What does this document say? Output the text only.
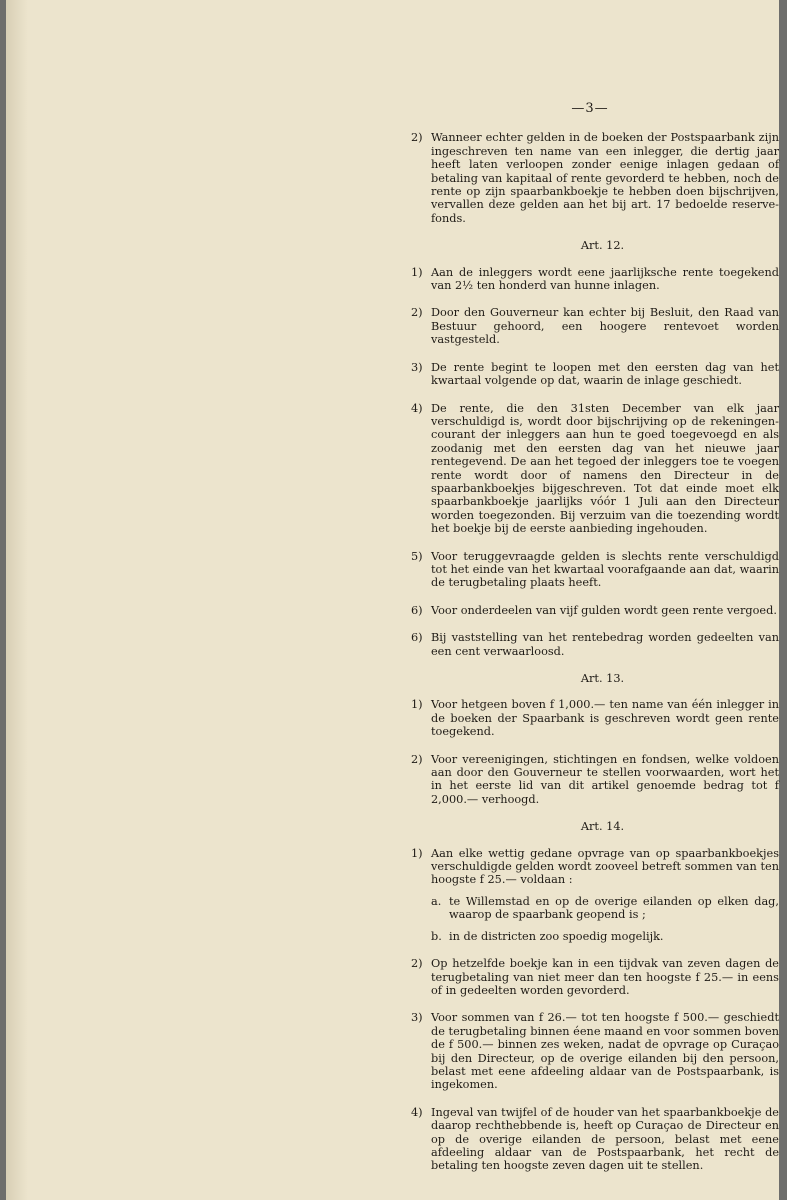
—3—
2) Wanneer echter gelden in de boeken der Postspaarbank zijn ingeschreven ten name van een inlegger, die dertig jaar heeft laten verloopen zonder eenige inlagen gedaan of betaling van kapitaal of rente gevorderd te hebben, noch de rente op zijn spaarbankboekje te hebben doen bijschrijven, vervallen deze gelden aan het bij art. 17 bedoelde reserve-fonds.
Art. 12.
1) Aan de inleggers wordt eene jaarlijksche rente toegekend van 2½ ten honderd van hunne inlagen.
2) Door den Gouverneur kan echter bij Besluit, den Raad van Bestuur gehoord, een hoogere rentevoet worden vastgesteld.
3) De rente begint te loopen met den eersten dag van het kwartaal volgende op dat, waarin de inlage geschiedt.
4) De rente, die den 31sten December van elk jaar verschuldigd is, wordt door bijschrijving op de rekeningen-courant der inleggers aan hun te goed toegevoegd en als zoodanig met den eersten dag van het nieuwe jaar rentegevend. De aan het tegoed der inleggers toe te voegen rente wordt door of namens den Directeur in de spaarbankboekjes bijgeschreven. Tot dat einde moet elk spaarbankboekje jaarlijks vóór 1 Juli aan den Directeur worden toegezonden. Bij verzuim van die toezending wordt het boekje bij de eerste aanbieding ingehouden.
5) Voor teruggevraagde gelden is slechts rente verschuldigd tot het einde van het kwartaal voorafgaande aan dat, waarin de terugbetaling plaats heeft.
6) Voor onderdeelen van vijf gulden wordt geen rente vergoed.
6) Bij vaststelling van het rentebedrag worden gedeelten van een cent verwaarloosd.
Art. 13.
1) Voor hetgeen boven f 1,000.— ten name van één inlegger in de boeken der Spaarbank is geschreven wordt geen rente toegekend.
2) Voor vereenigingen, stichtingen en fondsen, welke voldoen aan door den Gouverneur te stellen voorwaarden, wort het in het eerste lid van dit artikel genoemde bedrag tot f 2,000.— verhoogd.
Art. 14.
1) Aan elke wettig gedane opvrage van op spaarbankboekjes verschuldigde gelden wordt zooveel betreft sommen van ten hoogste f 25.— voldaan :
a. te Willemstad en op de overige eilanden op elken dag, waarop de spaarbank geopend is ;
b. in de districten zoo spoedig mogelijk.
2) Op hetzelfde boekje kan in een tijdvak van zeven dagen de terugbetaling van niet meer dan ten hoogste f 25.— in eens of in gedeelten worden gevorderd.
3) Voor sommen van f 26.— tot ten hoogste f 500.— geschiedt de terugbetaling binnen éene maand en voor sommen boven de f 500.— binnen zes weken, nadat de opvrage op Curaçao bij den Directeur, op de overige eilanden bij den persoon, belast met eene afdeeling aldaar van de Postspaarbank, is ingekomen.
4) Ingeval van twijfel of de houder van het spaarbankboekje de daarop rechthebbende is, heeft op Curaçao de Directeur en op de overige eilanden de persoon, belast met eene afdeeling aldaar van de Postspaarbank, het recht de betaling ten hoogste zeven dagen uit te stellen.
